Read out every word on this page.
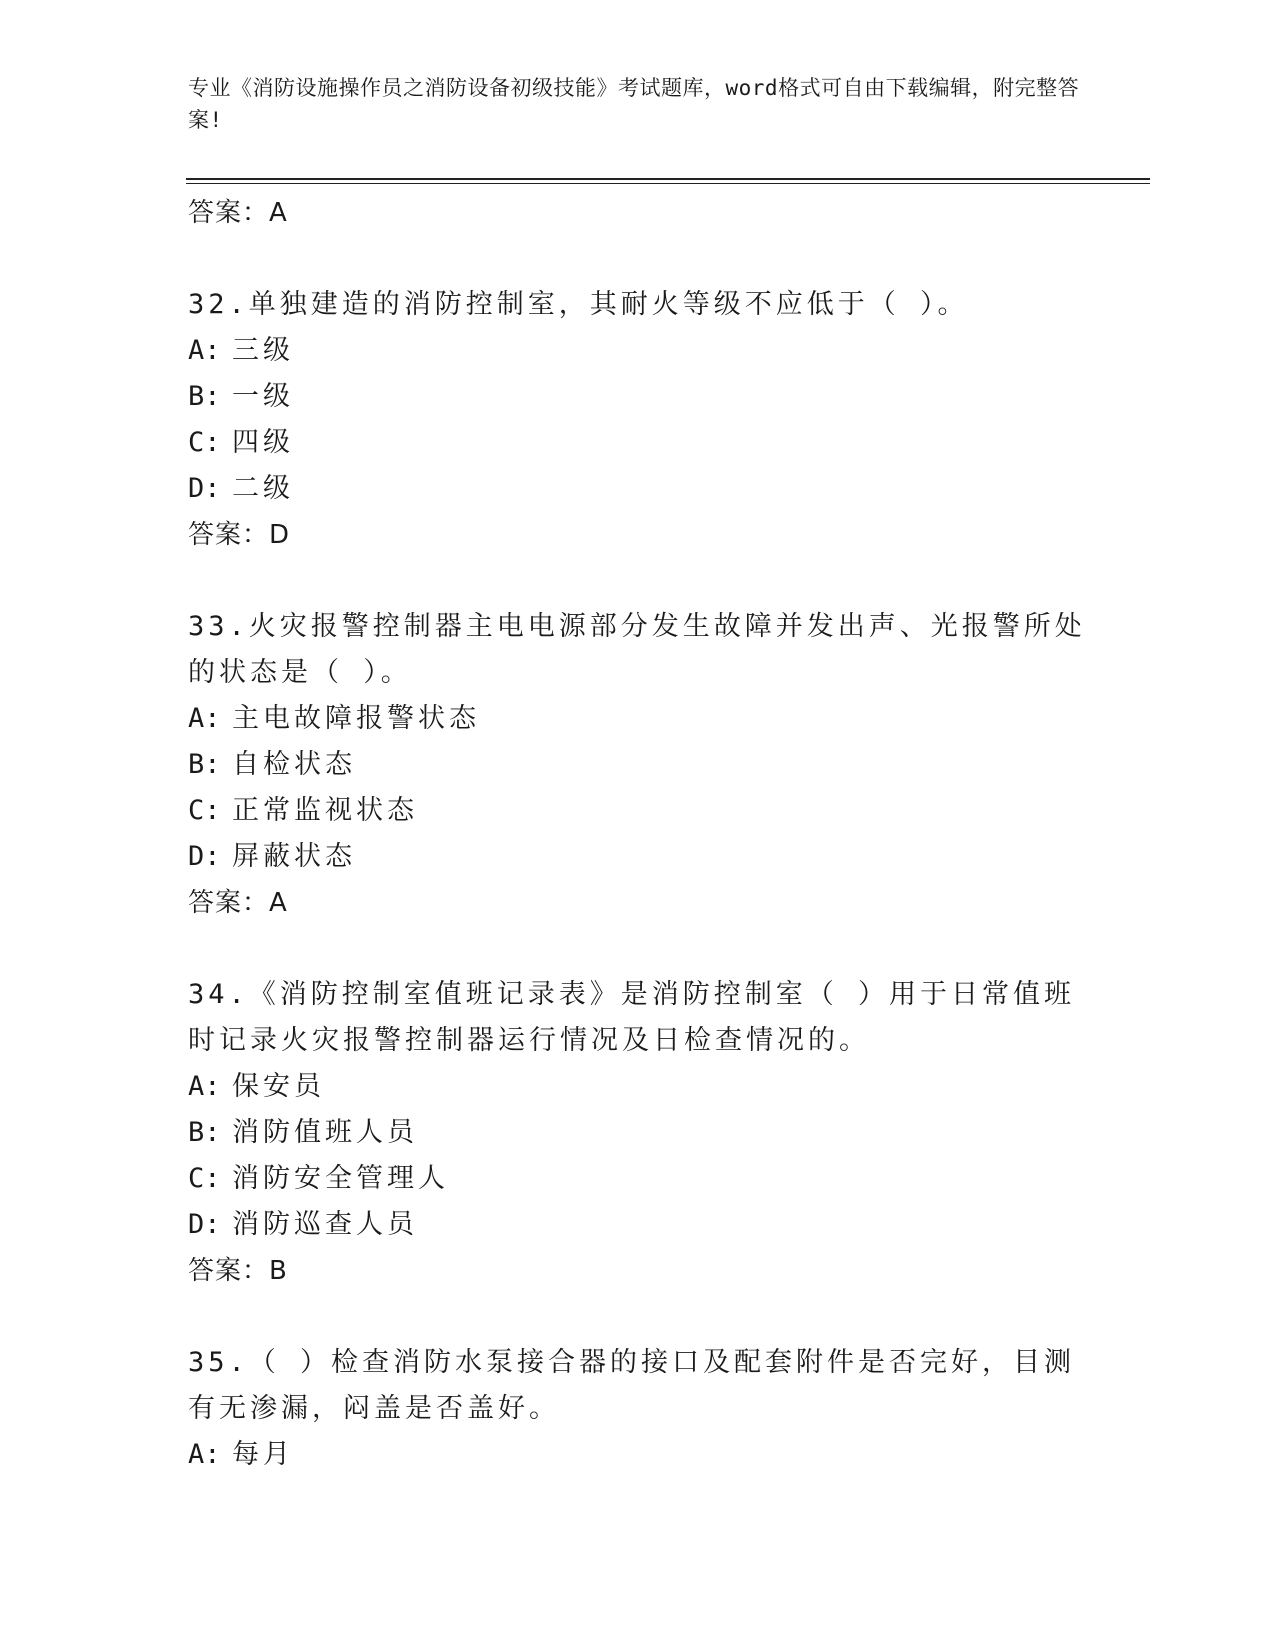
专业《消防设施操作员之消防设备初级技能》考试题库，word格式可自由下载编辑，附完整答案!
答案：A
32.单独建造的消防控制室，其耐火等级不应低于（ ）。
A: 三级
B: 一级
C: 四级
D: 二级
答案：D
33.火灾报警控制器主电电源部分发生故障并发出声、光报警所处的状态是（ ）。
A: 主电故障报警状态
B: 自检状态
C: 正常监视状态
D: 屏蔽状态
答案：A
34.《消防控制室值班记录表》是消防控制室（ ）用于日常值班时记录火灾报警控制器运行情况及日检查情况的。
A: 保安员
B: 消防值班人员
C: 消防安全管理人
D: 消防巡查人员
答案：B
35.（ ）检查消防水泵接合器的接口及配套附件是否完好，目测有无渗漏，闷盖是否盖好。
A: 每月
